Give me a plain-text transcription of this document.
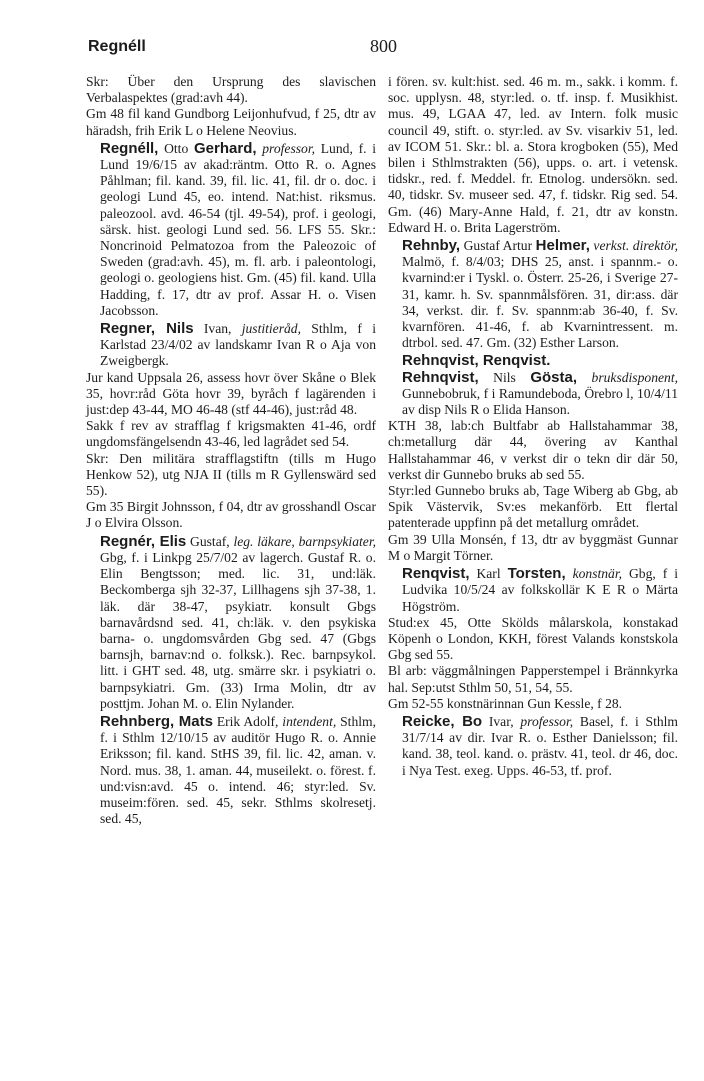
Regnéll	800

Skr: Über den Ursprung des slavischen Verbalaspektes (grad:avh 44).

Gm 48 fil kand Gundborg Leijonhufvud, f 25, dtr av häradsh, frih Erik L o Helene Neovius.

Regnéll, Otto Gerhard, professor, Lund, f. i Lund 19/6/15 av akad:räntm. Otto R. o. Agnes Påhlman; fil. kand. 39, fil. lic. 41, fil. dr o. doc. i geologi Lund 45, eo. intend. Nat:hist. riksmus. paleozool. avd. 46-54 (tjl. 49-54), prof. i geologi, särsk. hist. geologi Lund sed. 56. LFS 55. Skr.: Noncrinoid Pelmatozoa from the Paleozoic of Sweden (grad:avh. 45), m. fl. arb. i paleontologi, geologi o. geologiens hist. Gm. (45) fil. kand. Ulla Hadding, f. 17, dtr av prof. Assar H. o. Visen Jacobsson.

Regner, Nils Ivan, justitieråd, Sthlm, f i Karlstad 23/4/02 av landskamr Ivan R o Aja von Zweigbergk.

Jur kand Uppsala 26, assess hovr över Skåne o Blek 35, hovr:råd Göta hovr 39, byråch f lagärenden i just:dep 43-44, MO 46-48 (stf 44-46), just:råd 48.

Sakk f rev av strafflag f krigsmakten 41-46, ordf ungdomsfängelsendn 43-46, led lagrådet sed 54.

Skr: Den militära strafflagstiftn (tills m Hugo Henkow 52), utg NJA II (tills m R Gyllenswärd sed 55).

Gm 35 Birgit Johnsson, f 04, dtr av grosshandl Oscar J o Elvira Olsson.

Regnér, Elis Gustaf, leg. läkare, barnpsykiater, Gbg, f. i Linkpg 25/7/02 av lagerch. Gustaf R. o. Elin Bengtsson; med. lic. 31, und:läk. Beckomberga sjh 32-37, Lillhagens sjh 37-38, 1. läk. där 38-47, psykiatr. konsult Gbgs barnavårdsnd sed. 41, ch:läk. v. den psykiska barna- o. ungdomsvården Gbg sed. 47 (Gbgs barnsjh, barnav:nd o. folksk.). Rec. barnpsykol. litt. i GHT sed. 48, utg. smärre skr. i psykiatri o. barnpsykiatri. Gm. (33) Irma Molin, dtr av posttjm. Johan M. o. Elin Nylander.

Rehnberg, Mats Erik Adolf, intendent, Sthlm, f. i Sthlm 12/10/15 av auditör Hugo R. o. Annie Eriksson; fil. kand. StHS 39, fil. lic. 42, aman. v. Nord. mus. 38, 1. aman. 44, museilekt. o. förest. f. und:visn:avd. 45 o. intend. 46; styr:led. Sv. museim:fören. sed. 45, sekr. Sthlms skolresetj. sed. 45,

i fören. sv. kult:hist. sed. 46 m. m., sakk. i komm. f. soc. upplysn. 48, styr:led. o. tf. insp. f. Musikhist. mus. 49, LGAA 47, led. av Intern. folk music council 49, stift. o. styr:led. av Sv. visarkiv 51, led. av ICOM 51. Skr.: bl. a. Stora krogboken (55), Med bilen i Sthlmstrakten (56), upps. o. art. i vetensk. tidskr., red. f. Meddel. fr. Etnolog. undersökn. sed. 40, tidskr. Sv. museer sed. 47, f. tidskr. Rig sed. 54. Gm. (46) Mary-Anne Hald, f. 21, dtr av konstn. Edward H. o. Brita Lagerström.

Rehnby, Gustaf Artur Helmer, verkst. direktör, Malmö, f. 8/4/03; DHS 25, anst. i spannm.- o. kvarnind:er i Tyskl. o. Österr. 25-26, i Sverige 27-31, kamr. h. Sv. spannmålsfören. 31, dir:ass. där 34, verkst. dir. f. Sv. spannm:ab 36-40, f. Sv. kvarnfören. 41-46, f. ab Kvarnintressent. m. dtrbol. sed. 47. Gm. (32) Esther Larson.

Rehnqvist, Renqvist.

Rehnqvist, Nils Gösta, bruksdisponent, Gunnebobruk, f i Ramundeboda, Örebro l, 10/4/11 av disp Nils R o Elida Hanson.

KTH 38, lab:ch Bultfabr ab Hallstahammar 38, ch:metallurg där 44, övering av Kanthal Hallstahammar 46, v verkst dir o tekn dir där 50, verkst dir Gunnebo bruks ab sed 55.

Styr:led Gunnebo bruks ab, Tage Wiberg ab Gbg, ab Spik Västervik, Sv:es mekanförb. Ett flertal patenterade uppfinn på det metallurg området.

Gm 39 Ulla Monsén, f 13, dtr av byggmäst Gunnar M o Margit Törner.

Renqvist, Karl Torsten, konstnär, Gbg, f i Ludvika 10/5/24 av folkskollär K E R o Märta Högström.

Stud:ex 45, Otte Skölds målarskola, konstakad Köpenh o London, KKH, förest Valands konstskola Gbg sed 55.

Bl arb: väggmålningen Papperstempel i Brännkyrka hal. Sep:utst Sthlm 50, 51, 54, 55.

Gm 52-55 konstnärinnan Gun Kessle, f 28.

Reicke, Bo Ivar, professor, Basel, f. i Sthlm 31/7/14 av dir. Ivar R. o. Esther Danielsson; fil. kand. 38, teol. kand. o. prästv. 41, teol. dr 46, doc. i Nya Test. exeg. Upps. 46-53, tf. prof.
